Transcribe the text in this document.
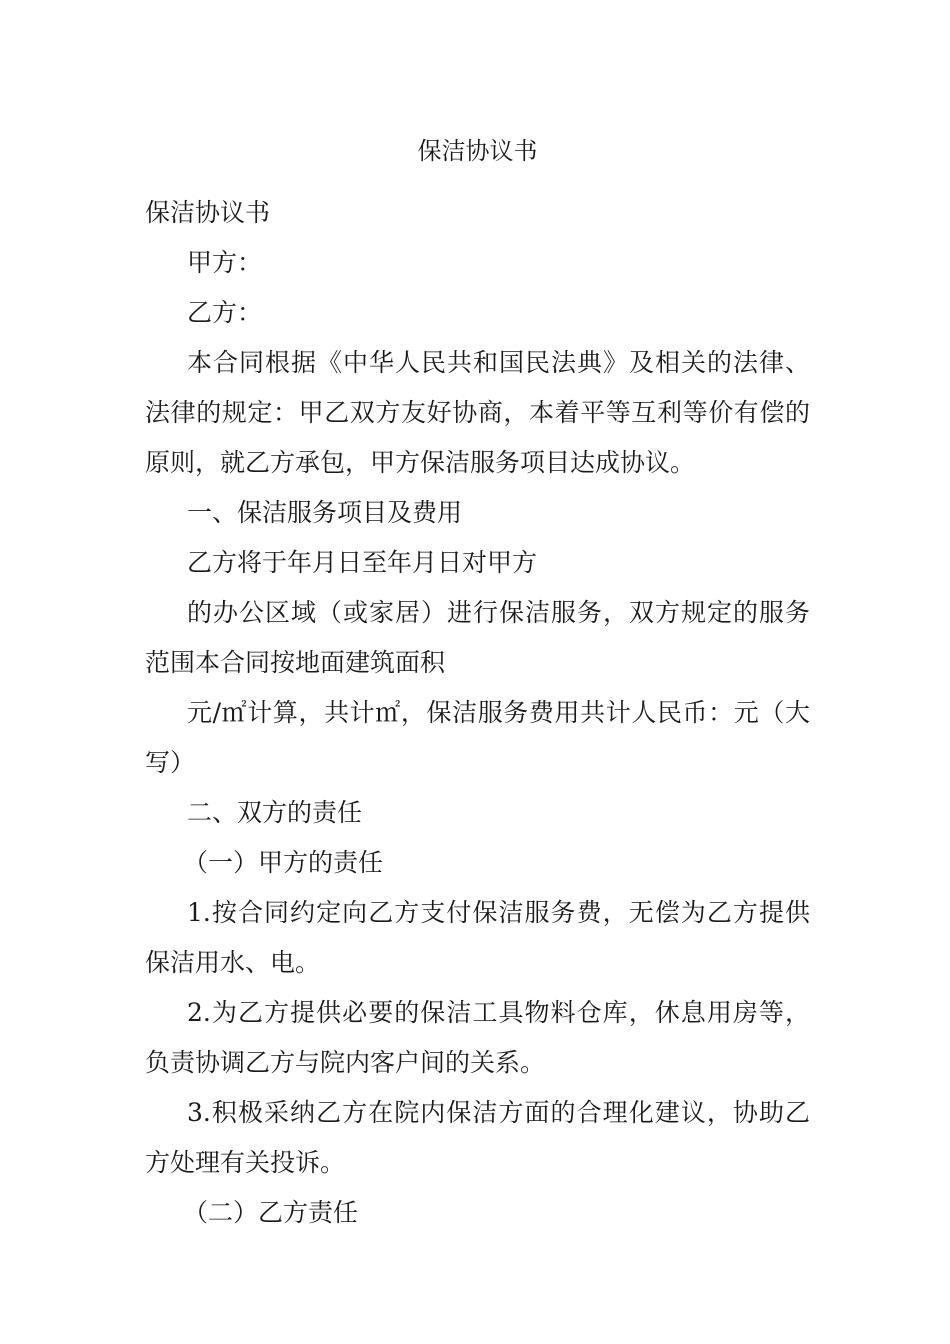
保洁协议书

保洁协议书

甲方：

乙方：

本合同根据《中华人民共和国民法典》及相关的法律、法律的规定：甲乙双方友好协商，本着平等互利等价有偿的原则，就乙方承包，甲方保洁服务项目达成协议。

一、保洁服务项目及费用

乙方将于年月日至年月日对甲方

的办公区域（或家居）进行保洁服务，双方规定的服务范围本合同按地面建筑面积

元/㎡计算，共计㎡，保洁服务费用共计人民币：元（大写）

二、双方的责任

（一）甲方的责任

1.按合同约定向乙方支付保洁服务费，无偿为乙方提供保洁用水、电。

2.为乙方提供必要的保洁工具物料仓库，休息用房等，负责协调乙方与院内客户间的关系。

3.积极采纳乙方在院内保洁方面的合理化建议，协助乙方处理有关投诉。

（二）乙方责任
